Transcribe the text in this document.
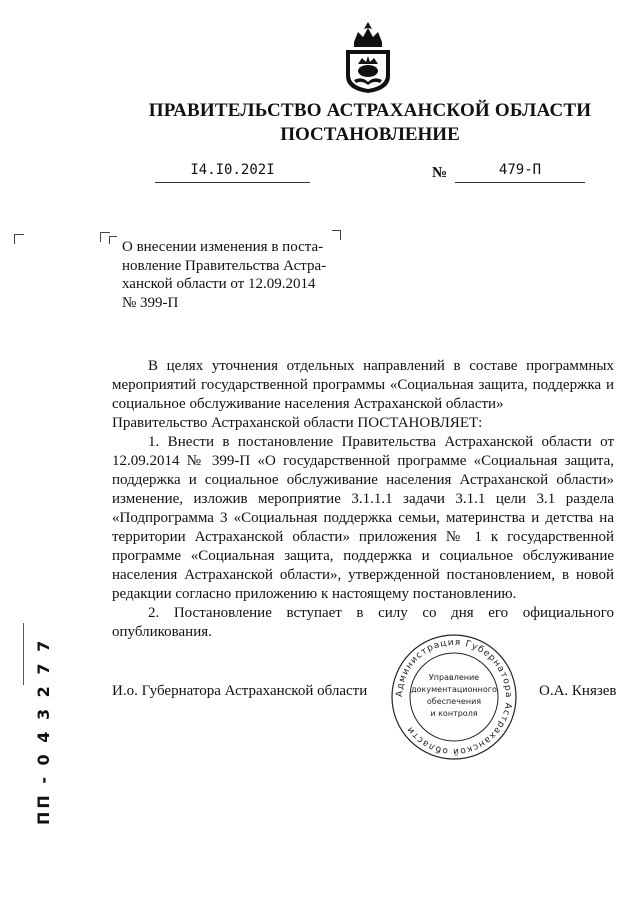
ПРАВИТЕЛЬСТВО АСТРАХАНСКОЙ ОБЛАСТИ
ПОСТАНОВЛЕНИЕ
I4.I0.202I	№	479-П

О внесении изменения в поста-

новление Правительства Астра-

ханской области от 12.09.2014

№ 399-П

В целях уточнения отдельных направлений в составе программных мероприятий государственной программы «Социальная защита, поддержка и социальное обслуживание населения Астраханской области»

Правительство Астраханской области ПОСТАНОВЛЯЕТ:

1. Внести в постановление Правительства Астраханской области от 12.09.2014 № 399-П «О государственной программе «Социальная защита, поддержка и социальное обслуживание населения Астраханской области» изменение, изложив мероприятие 3.1.1.1 задачи 3.1.1 цели 3.1 раздела «Подпрограмма 3 «Социальная поддержка семьи, материнства и детства на территории Астраханской области» приложения № 1 к государственной программе «Социальная защита, поддержка и социальное обслуживание населения Астраханской области», утвержденной постановлением, в новой редакции согласно приложению к настоящему постановлению.

2. Постановление вступает в силу со дня его официального опубликования.

И.о. Губернатора Астраханской области	О.А. Князев
Администрация Губернатора Астраханской области
Управление
документационного
обеспечения
и контроля
ПП - 0 4 3 2 7 7
